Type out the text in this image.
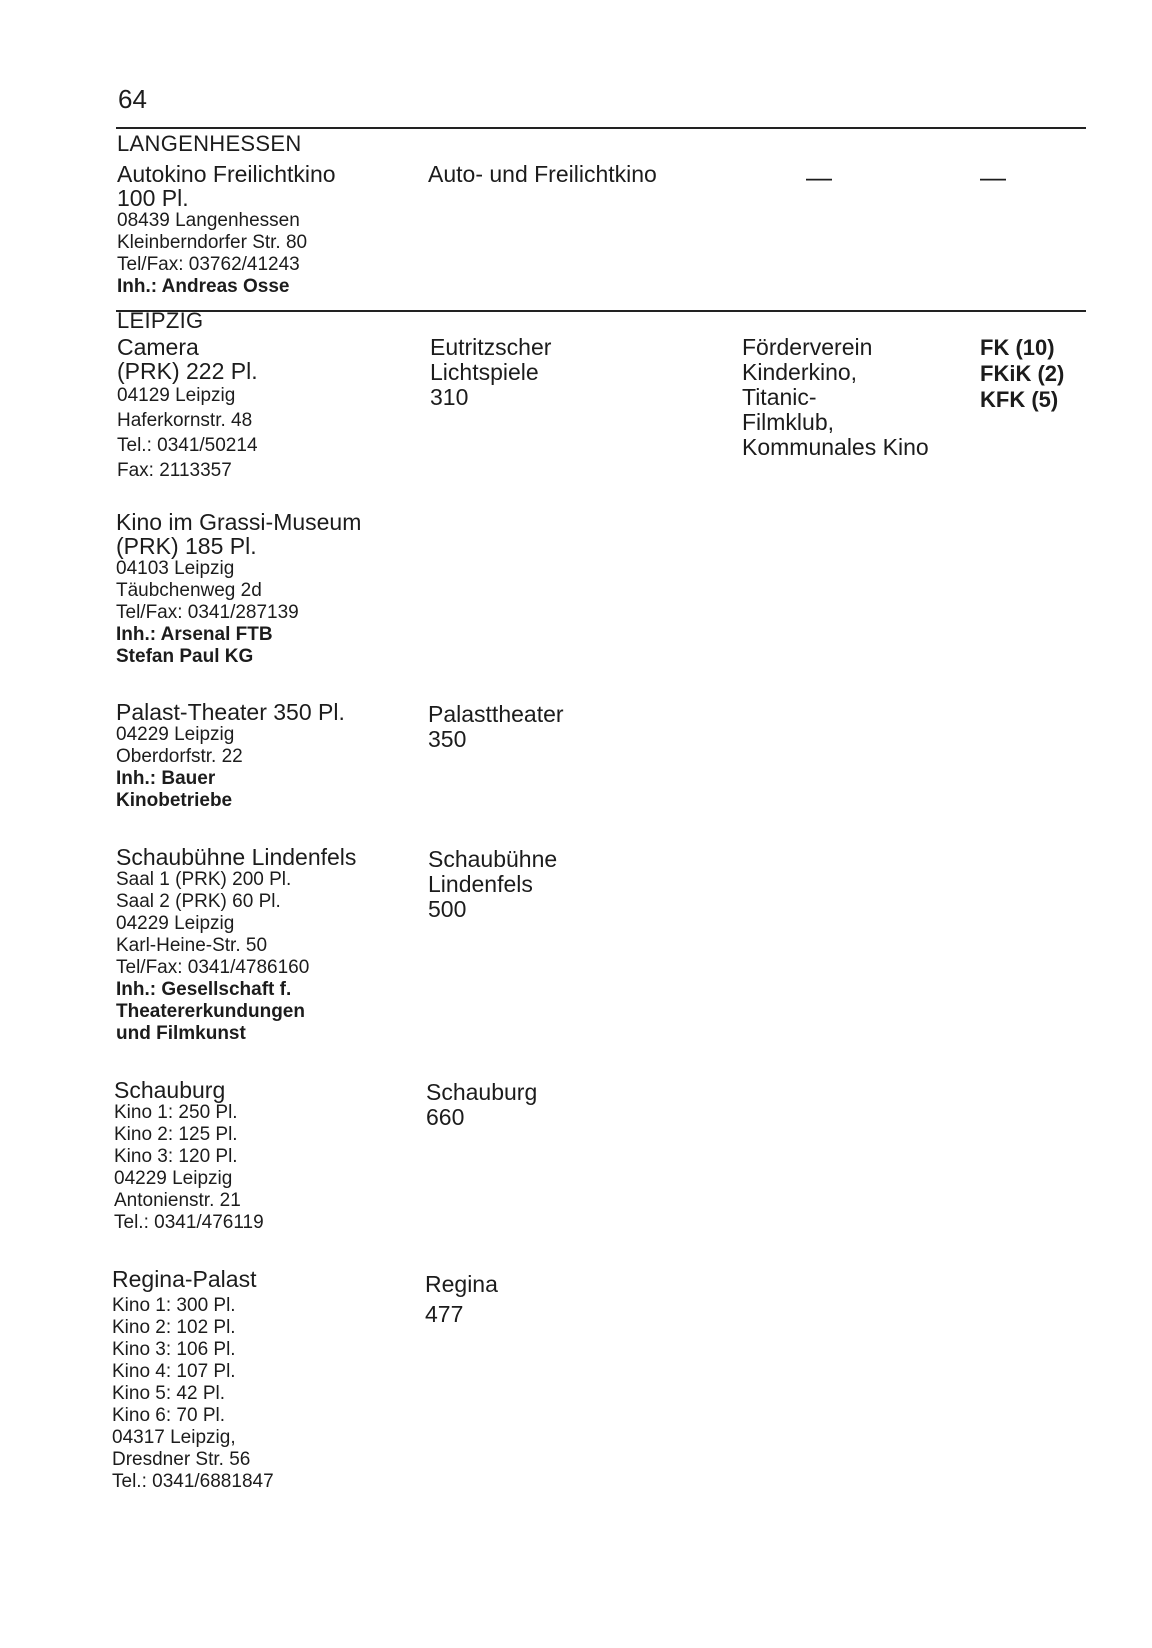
64
LANGENHESSEN
Autokino Freilichtkino
100 Pl.
08439 Langenhessen
Kleinberndorfer Str. 80
Tel/Fax: 03762/41243
Inh.: Andreas Osse
Auto- und Freilichtkino	—	—
LEIPZIG
Camera
(PRK) 222 Pl.
04129 Leipzig
Haferkornstr. 48
Tel.: 0341/50214
Fax: 2113357
Eutritzscher
Lichtspiele
310
Förderverein
Kinderkino,
Titanic-
Filmklub,
Kommunales Kino
FK (10)
FKiK (2)
KFK (5)
Kino im Grassi-Museum
(PRK) 185 Pl.
04103 Leipzig
Täubchenweg 2d
Tel/Fax: 0341/287139
Inh.: Arsenal FTB
Stefan Paul KG
Palast-Theater 350 Pl.
04229 Leipzig
Oberdorfstr. 22
Inh.: Bauer
Kinobetriebe
Palasttheater
350
Schaubühne Lindenfels
Saal 1 (PRK) 200 Pl.
Saal 2 (PRK) 60 Pl.
04229 Leipzig
Karl-Heine-Str. 50
Tel/Fax: 0341/4786160
Inh.: Gesellschaft f.
Theatererkundungen
und Filmkunst
Schaubühne
Lindenfels
500
Schauburg
Kino 1: 250 Pl.
Kino 2: 125 Pl.
Kino 3: 120 Pl.
04229 Leipzig
Antonienstr. 21
Tel.: 0341/476119
Schauburg
660
Regina-Palast
Kino 1: 300 Pl.
Kino 2: 102 Pl.
Kino 3: 106 Pl.
Kino 4: 107 Pl.
Kino 5: 42 Pl.
Kino 6: 70 Pl.
04317 Leipzig,
Dresdner Str. 56
Tel.: 0341/6881847
Regina
477
